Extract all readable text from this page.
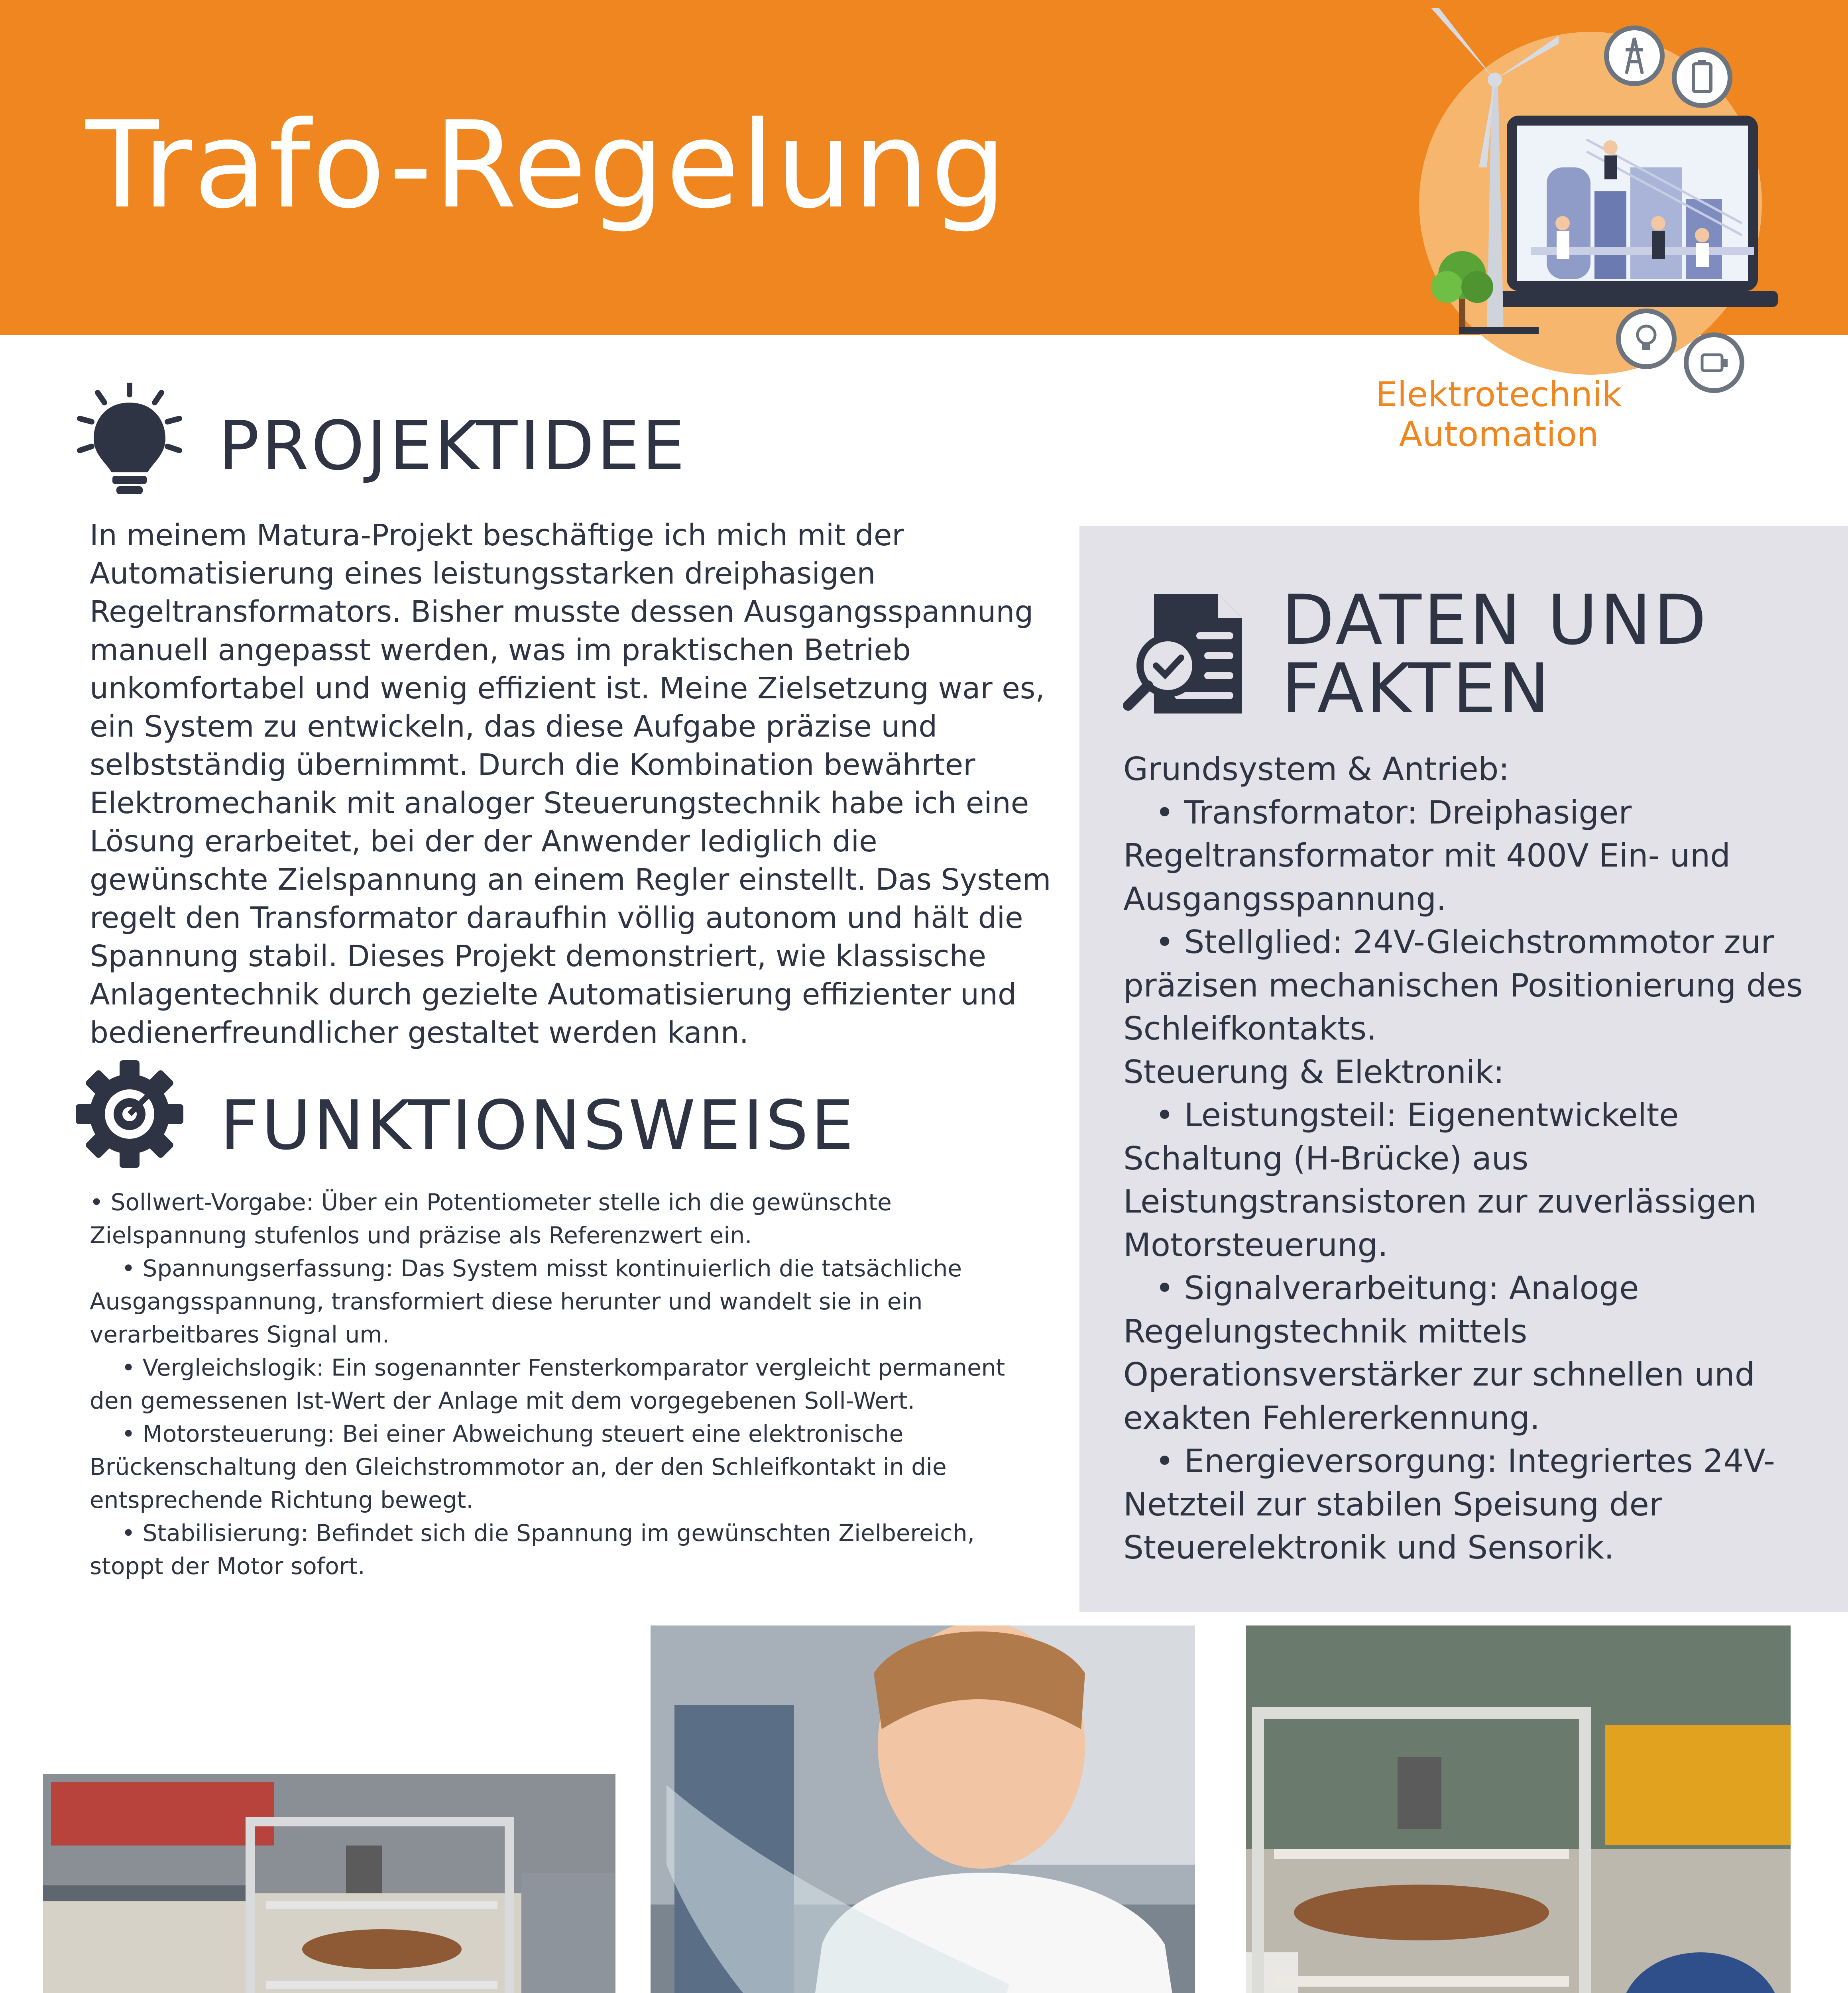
Trafo-Regelung
Elektrotechnik
Automation
PROJEKTIDEE
In meinem Matura-Projekt beschäftige ich mich mit der Automatisierung eines leistungsstarken dreiphasigen Regeltransformators. Bisher musste dessen Ausgangsspannung manuell angepasst werden, was im praktischen Betrieb unkomfortabel und wenig effizient ist. Meine Zielsetzung war es, ein System zu entwickeln, das diese Aufgabe präzise und selbstständig übernimmt. Durch die Kombination bewährter Elektromechanik mit analoger Steuerungstechnik habe ich eine Lösung erarbeitet, bei der der Anwender lediglich die gewünschte Zielspannung an einem Regler einstellt. Das System regelt den Transformator daraufhin völlig autonom und hält die Spannung stabil. Dieses Projekt demonstriert, wie klassische Anlagentechnik durch gezielte Automatisierung effizienter und bedienerfreundlicher gestaltet werden kann.
FUNKTIONSWEISE
• Sollwert-Vorgabe: Über ein Potentiometer stelle ich die gewünschte Zielspannung stufenlos und präzise als Referenzwert ein.
• Spannungserfassung: Das System misst kontinuierlich die tatsächliche Ausgangsspannung, transformiert diese herunter und wandelt sie in ein verarbeitbares Signal um.
• Vergleichslogik: Ein sogenannter Fensterkomparator vergleicht permanent den gemessenen Ist-Wert der Anlage mit dem vorgegebenen Soll-Wert.
• Motorsteuerung: Bei einer Abweichung steuert eine elektronische Brückenschaltung den Gleichstrommotor an, der den Schleifkontakt in die entsprechende Richtung bewegt.
• Stabilisierung: Befindet sich die Spannung im gewünschten Zielbereich, stoppt der Motor sofort.
DATEN UND
FAKTEN
Grundsystem & Antrieb:
• Transformator: Dreiphasiger Regeltransformator mit 400V Ein- und Ausgangsspannung.
• Stellglied: 24V-Gleichstrommotor zur präzisen mechanischen Positionierung des Schleifkontakts.
Steuerung & Elektronik:
• Leistungsteil: Eigenentwickelte Schaltung (H-Brücke) aus Leistungstransistoren zur zuverlässigen Motorsteuerung.
• Signalverarbeitung: Analoge Regelungstechnik mittels Operationsverstärker zur schnellen und exakten Fehlererkennung.
• Energieversorgung: Integriertes 24V-Netzteil zur stabilen Speisung der Steuerelektronik und Sensorik.
